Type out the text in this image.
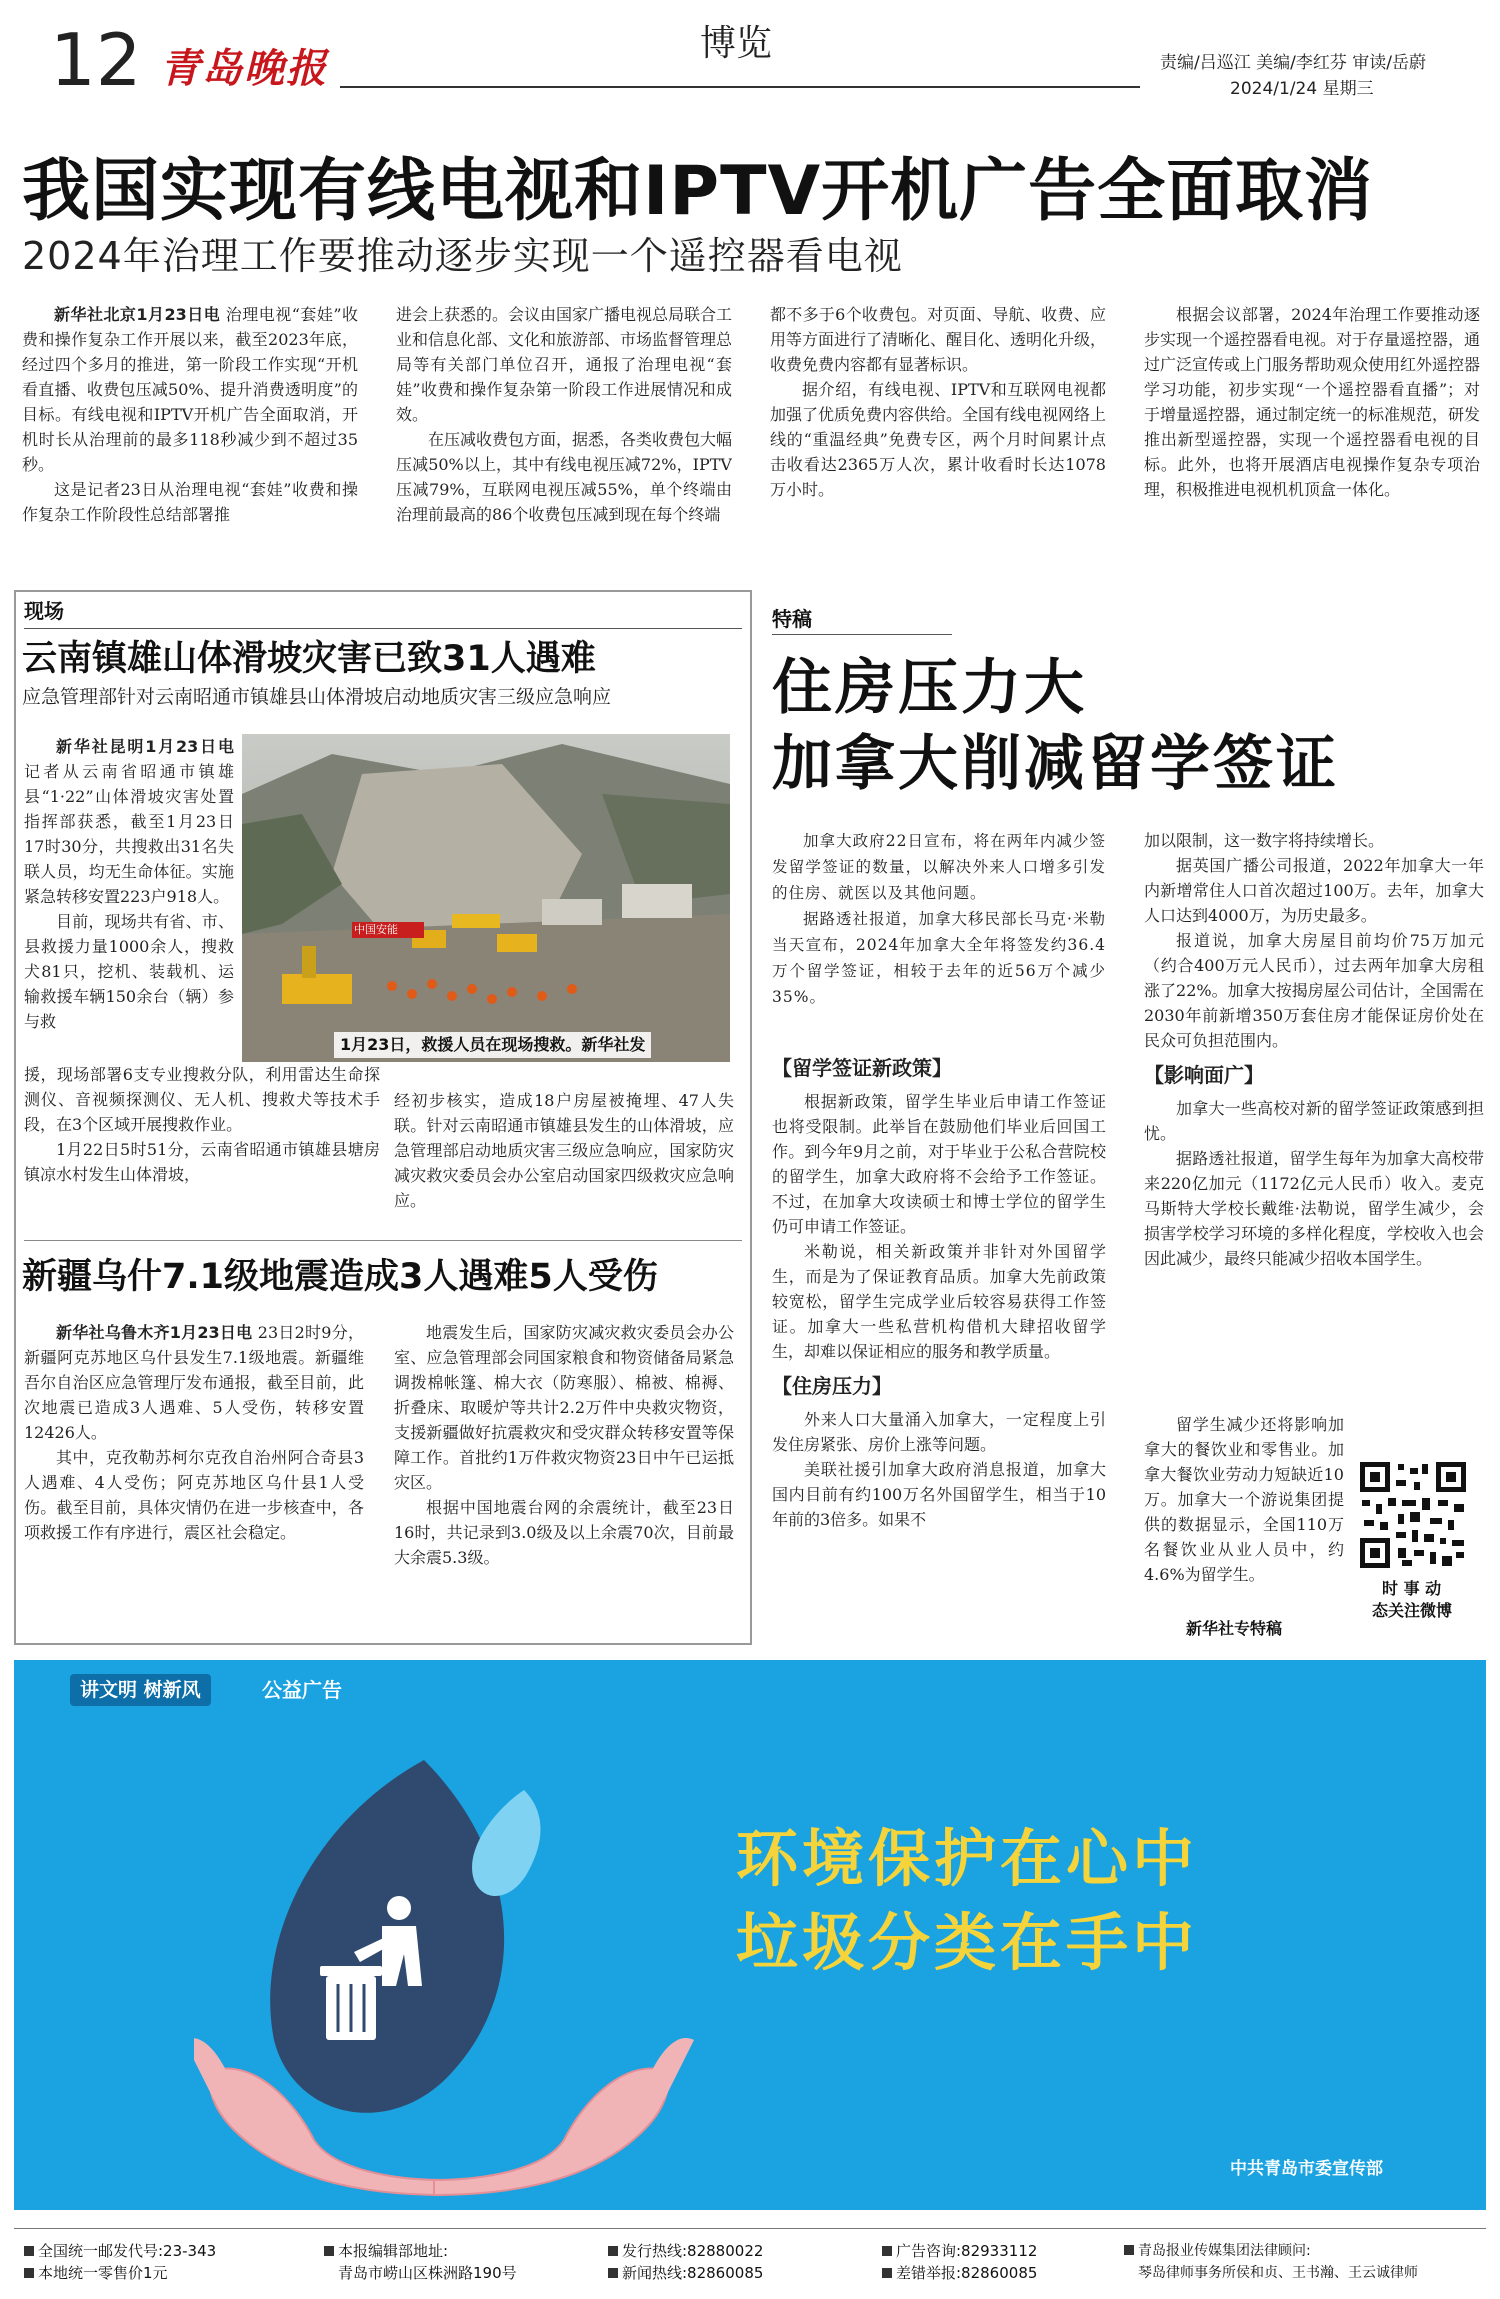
12 青岛晚报
博览	责编/吕巡江 美编/李红芬 审读/岳蔚
2024/1/24 星期三
我国实现有线电视和IPTV开机广告全面取消
2024年治理工作要推动逐步实现一个遥控器看电视

新华社北京1月23日电 治理电视“套娃”收费和操作复杂工作开展以来，截至2023年底，经过四个多月的推进，第一阶段工作实现“开机看直播、收费包压减50%、提升消费透明度”的目标。有线电视和IPTV开机广告全面取消，开机时长从治理前的最多118秒减少到不超过35秒。

这是记者23日从治理电视“套娃”收费和操作复杂工作阶段性总结部署推

进会上获悉的。会议由国家广播电视总局联合工业和信息化部、文化和旅游部、市场监督管理总局等有关部门单位召开，通报了治理电视“套娃”收费和操作复杂第一阶段工作进展情况和成效。

在压减收费包方面，据悉，各类收费包大幅压减50%以上，其中有线电视压减72%，IPTV压减79%，互联网电视压减55%，单个终端由治理前最高的86个收费包压减到现在每个终端

都不多于6个收费包。对页面、导航、收费、应用等方面进行了清晰化、醒目化、透明化升级，收费免费内容都有显著标识。

据介绍，有线电视、IPTV和互联网电视都加强了优质免费内容供给。全国有线电视网络上线的“重温经典”免费专区，两个月时间累计点击收看达2365万人次，累计收看时长达1078万小时。

根据会议部署，2024年治理工作要推动逐步实现一个遥控器看电视。对于存量遥控器，通过广泛宣传或上门服务帮助观众使用红外遥控器学习功能，初步实现“一个遥控器看直播”；对于增量遥控器，通过制定统一的标准规范，研发推出新型遥控器，实现一个遥控器看电视的目标。此外，也将开展酒店电视操作复杂专项治理，积极推进电视机机顶盒一体化。

现场
云南镇雄山体滑坡灾害已致31人遇难
应急管理部针对云南昭通市镇雄县山体滑坡启动地质灾害三级应急响应
中国安能
1月23日，救援人员在现场搜救。新华社发

新华社昆明1月23日电 记者从云南省昭通市镇雄县“1·22”山体滑坡灾害处置指挥部获悉，截至1月23日17时30分，共搜救出31名失联人员，均无生命体征。实施紧急转移安置223户918人。

目前，现场共有省、市、县救援力量1000余人，搜救犬81只，挖机、装载机、运输救援车辆150余台（辆）参与救

援，现场部署6支专业搜救分队，利用雷达生命探测仪、音视频探测仪、无人机、搜救犬等技术手段，在3个区域开展搜救作业。

1月22日5时51分，云南省昭通市镇雄县塘房镇凉水村发生山体滑坡，

经初步核实，造成18户房屋被掩埋、47人失联。针对云南昭通市镇雄县发生的山体滑坡，应急管理部启动地质灾害三级应急响应，国家防灾减灾救灾委员会办公室启动国家四级救灾应急响应。

新疆乌什7.1级地震造成3人遇难5人受伤

新华社乌鲁木齐1月23日电 23日2时9分，新疆阿克苏地区乌什县发生7.1级地震。新疆维吾尔自治区应急管理厅发布通报，截至目前，此次地震已造成3人遇难、5人受伤，转移安置12426人。

其中，克孜勒苏柯尔克孜自治州阿合奇县3人遇难、4人受伤；阿克苏地区乌什县1人受伤。截至目前，具体灾情仍在进一步核查中，各项救援工作有序进行，震区社会稳定。

地震发生后，国家防灾减灾救灾委员会办公室、应急管理部会同国家粮食和物资储备局紧急调拨棉帐篷、棉大衣（防寒服）、棉被、棉褥、折叠床、取暖炉等共计2.2万件中央救灾物资，支援新疆做好抗震救灾和受灾群众转移安置等保障工作。首批约1万件救灾物资23日中午已运抵灾区。

根据中国地震台网的余震统计，截至23日16时，共记录到3.0级及以上余震70次，目前最大余震5.3级。

特稿
住房压力大
加拿大削减留学签证

加拿大政府22日宣布，将在两年内减少签发留学签证的数量，以解决外来人口增多引发的住房、就医以及其他问题。

据路透社报道，加拿大移民部长马克·米勒当天宣布，2024年加拿大全年将签发约36.4万个留学签证，相较于去年的近56万个减少35%。

【留学签证新政策】

根据新政策，留学生毕业后申请工作签证也将受限制。此举旨在鼓励他们毕业后回国工作。到今年9月之前，对于毕业于公私合营院校的留学生，加拿大政府将不会给予工作签证。不过，在加拿大攻读硕士和博士学位的留学生仍可申请工作签证。

米勒说，相关新政策并非针对外国留学生，而是为了保证教育品质。加拿大先前政策较宽松，留学生完成学业后较容易获得工作签证。加拿大一些私营机构借机大肆招收留学生，却难以保证相应的服务和教学质量。

【住房压力】

外来人口大量涌入加拿大，一定程度上引发住房紧张、房价上涨等问题。

美联社援引加拿大政府消息报道，加拿大国内目前有约100万名外国留学生，相当于10年前的3倍多。如果不

加以限制，这一数字将持续增长。

据英国广播公司报道，2022年加拿大一年内新增常住人口首次超过100万。去年，加拿大人口达到4000万，为历史最多。

报道说，加拿大房屋目前均价75万加元（约合400万元人民币），过去两年加拿大房租涨了22%。加拿大按揭房屋公司估计，全国需在2030年前新增350万套住房才能保证房价处在民众可负担范围内。

【影响面广】

加拿大一些高校对新的留学签证政策感到担忧。

据路透社报道，留学生每年为加拿大高校带来220亿加元（1172亿元人民币）收入。麦克马斯特大学校长戴维·法勒说，留学生减少，会损害学校学习环境的多样化程度，学校收入也会因此减少，最终只能减少招收本国学生。

留学生减少还将影响加拿大的餐饮业和零售业。加拿大餐饮业劳动力短缺近10万。加拿大一个游说集团提供的数据显示，全国110万名餐饮业从业人员中，约4.6%为留学生。

新华社专特稿
时 事 动
态关注微博
讲文明 树新风	公益广告
环境保护在心中
垃圾分类在手中
中共青岛市委宣传部
全国统一邮发代号:23-343
本地统一零售价1元
本报编辑部地址:
青岛市崂山区株洲路190号
发行热线:82880022
新闻热线:82860085
广告咨询:82933112
差错举报:82860085
青岛报业传媒集团法律顾问:
琴岛律师事务所侯和贞、王书瀚、王云诚律师
